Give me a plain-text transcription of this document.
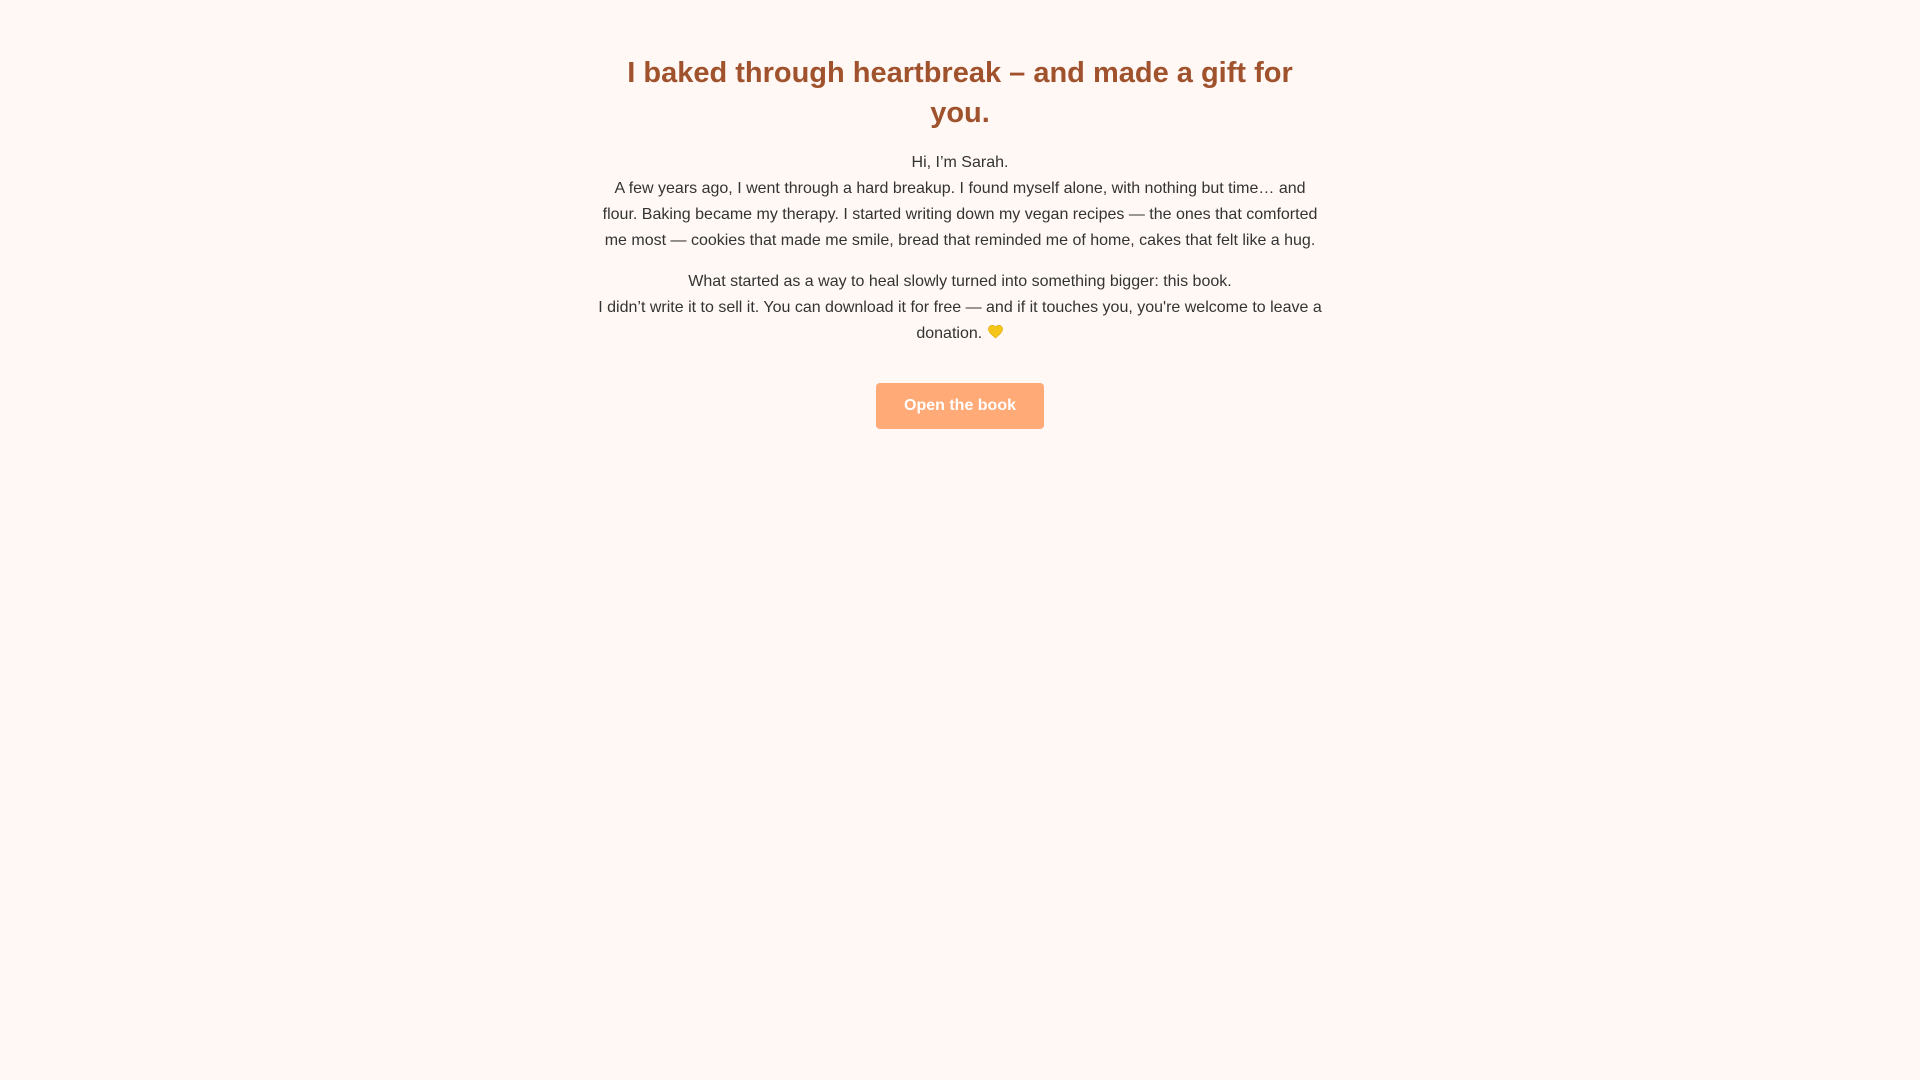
I baked through heartbreak – and made a gift for you.

Hi, I’m Sarah.

A few years ago, I went through a hard breakup. I found myself alone, with nothing but time… and flour. Baking became my therapy. I started writing down my vegan recipes — the ones that comforted me most — cookies that made me smile, bread that reminded me of home, cakes that felt like a hug.

What started as a way to heal slowly turned into something bigger: this book.

I didn’t write it to sell it. You can download it for free — and if it touches you, you're welcome to leave a donation.

Open the book
